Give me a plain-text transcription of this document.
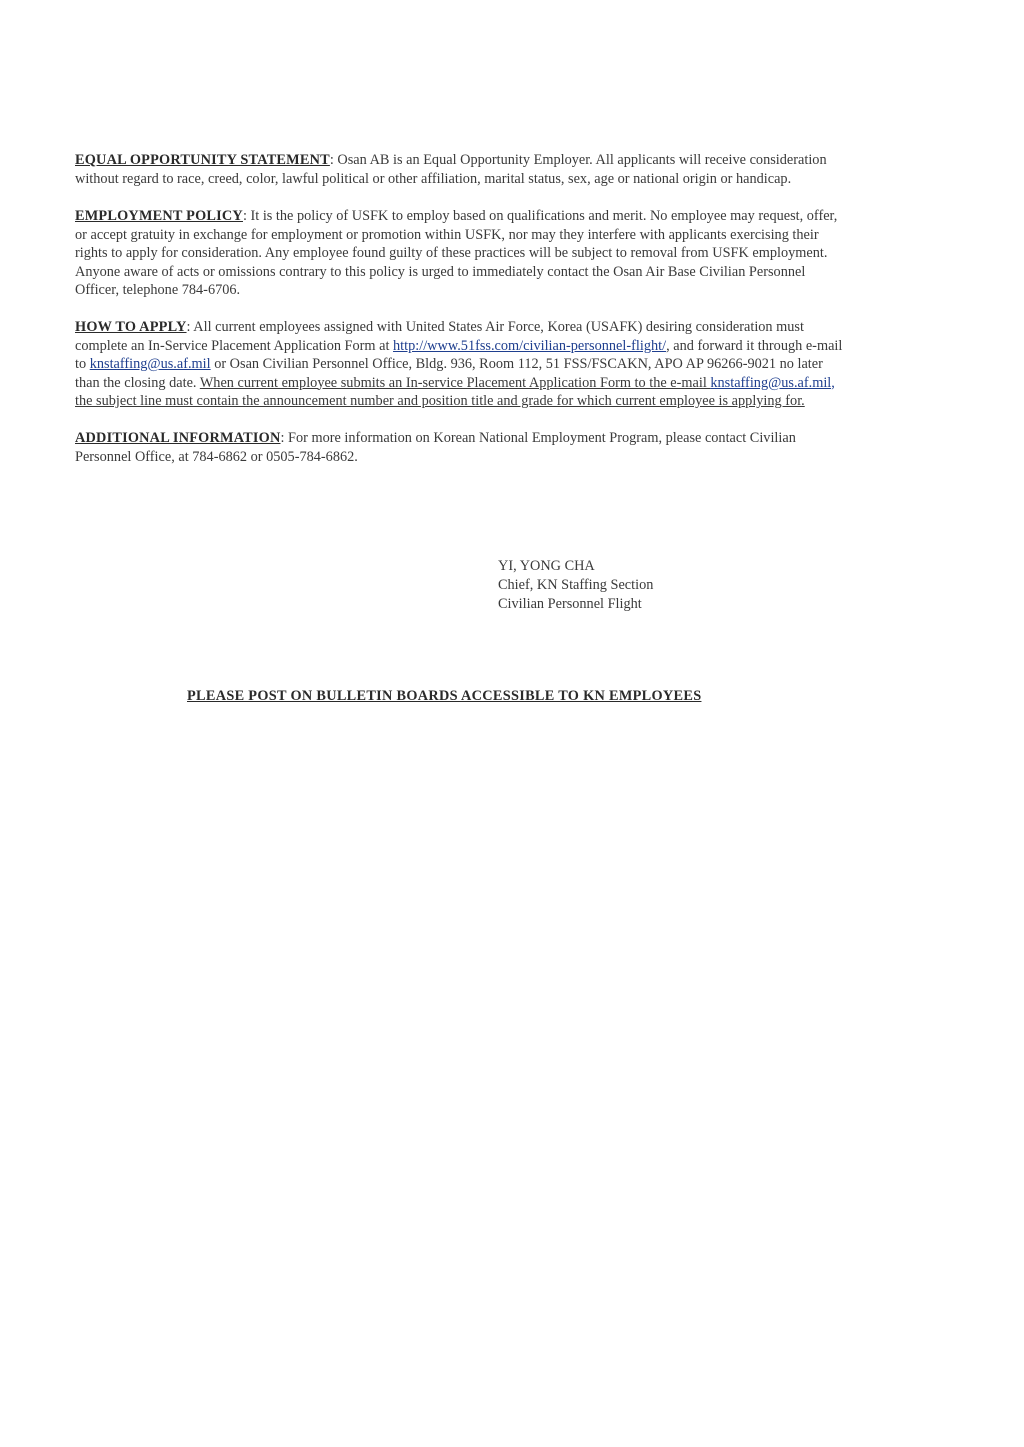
EQUAL OPPORTUNITY STATEMENT: Osan AB is an Equal Opportunity Employer. All applicants will receive consideration
without regard to race, creed, color, lawful political or other affiliation, marital status, sex, age or national origin or handicap.
EMPLOYMENT POLICY: It is the policy of USFK to employ based on qualifications and merit. No employee may request, offer,
or accept gratuity in exchange for employment or promotion within USFK, nor may they interfere with applicants exercising their
rights to apply for consideration. Any employee found guilty of these practices will be subject to removal from USFK employment.
Anyone aware of acts or omissions contrary to this policy is urged to immediately contact the Osan Air Base Civilian Personnel
Officer, telephone 784-6706.
HOW TO APPLY: All current employees assigned with United States Air Force, Korea (USAFK) desiring consideration must
complete an In-Service Placement Application Form at http://www.51fss.com/civilian-personnel-flight/, and forward it through e-mail
to knstaffing@us.af.mil or Osan Civilian Personnel Office, Bldg. 936, Room 112, 51 FSS/FSCAKN, APO AP 96266-9021 no later
than the closing date. When current employee submits an In-service Placement Application Form to the e-mail knstaffing@us.af.mil,
the subject line must contain the announcement number and position title and grade for which current employee is applying for.
ADDITIONAL INFORMATION: For more information on Korean National Employment Program, please contact Civilian
Personnel Office, at 784-6862 or 0505-784-6862.
YI, YONG CHA
Chief, KN Staffing Section
Civilian Personnel Flight
PLEASE POST ON BULLETIN BOARDS ACCESSIBLE TO KN EMPLOYEES
